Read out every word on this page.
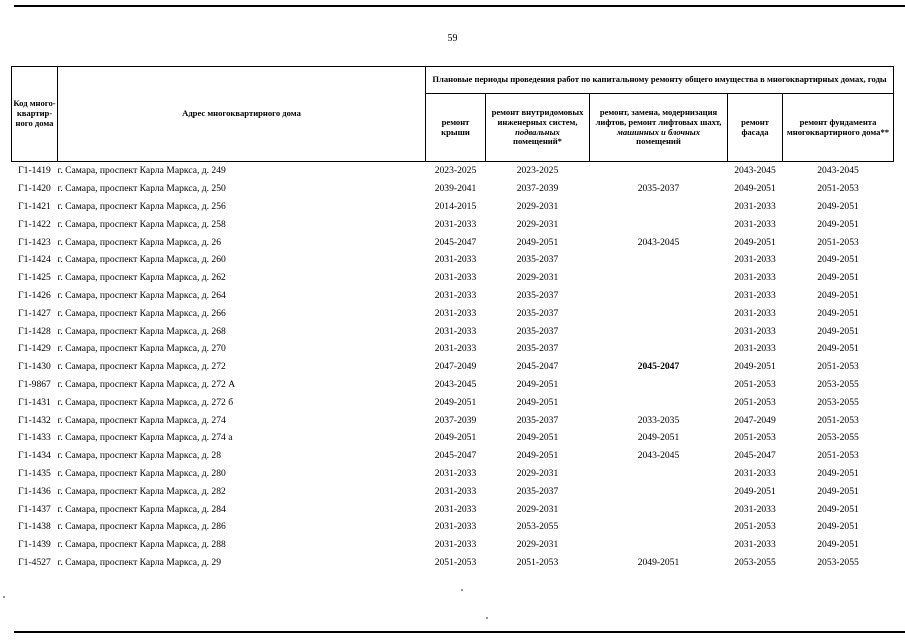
59
Код много-квартир-ного дома	Адрес многоквартирного дома	Плановые периоды проведения работ по капитальному ремонту общего имущества в многоквартирных домах, годы				
		ремонт крыши	ремонт внутридомовых инженерных систем,
подвальных
помещений*	ремонт, замена, модернизация лифтов, ремонт лифтовых шахт,
машинных и блочных
помещений	ремонт фасада	ремонт фундамента многоквартирного дома**
Г1-1419	г. Самара, проспект Карла Маркса, д. 249	2023-2025	2023-2025		2043-2045	2043-2045
Г1-1420	г. Самара, проспект Карла Маркса, д. 250	2039-2041	2037-2039	2035-2037	2049-2051	2051-2053
Г1-1421	г. Самара, проспект Карла Маркса, д. 256	2014-2015	2029-2031		2031-2033	2049-2051
Г1-1422	г. Самара, проспект Карла Маркса, д. 258	2031-2033	2029-2031		2031-2033	2049-2051
Г1-1423	г. Самара, проспект Карла Маркса, д. 26	2045-2047	2049-2051	2043-2045	2049-2051	2051-2053
Г1-1424	г. Самара, проспект Карла Маркса, д. 260	2031-2033	2035-2037		2031-2033	2049-2051
Г1-1425	г. Самара, проспект Карла Маркса, д. 262	2031-2033	2029-2031		2031-2033	2049-2051
Г1-1426	г. Самара, проспект Карла Маркса, д. 264	2031-2033	2035-2037		2031-2033	2049-2051
Г1-1427	г. Самара, проспект Карла Маркса, д. 266	2031-2033	2035-2037		2031-2033	2049-2051
Г1-1428	г. Самара, проспект Карла Маркса, д. 268	2031-2033	2035-2037		2031-2033	2049-2051
Г1-1429	г. Самара, проспект Карла Маркса, д. 270	2031-2033	2035-2037		2031-2033	2049-2051
Г1-1430	г. Самара, проспект Карла Маркса, д. 272	2047-2049	2045-2047	2045-2047	2049-2051	2051-2053
Г1-9867	г. Самара, проспект Карла Маркса, д. 272 А	2043-2045	2049-2051		2051-2053	2053-2055
Г1-1431	г. Самара, проспект Карла Маркса, д. 272 б	2049-2051	2049-2051		2051-2053	2053-2055
Г1-1432	г. Самара, проспект Карла Маркса, д. 274	2037-2039	2035-2037	2033-2035	2047-2049	2051-2053
Г1-1433	г. Самара, проспект Карла Маркса, д. 274 а	2049-2051	2049-2051	2049-2051	2051-2053	2053-2055
Г1-1434	г. Самара, проспект Карла Маркса, д. 28	2045-2047	2049-2051	2043-2045	2045-2047	2051-2053
Г1-1435	г. Самара, проспект Карла Маркса, д. 280	2031-2033	2029-2031		2031-2033	2049-2051
Г1-1436	г. Самара, проспект Карла Маркса, д. 282	2031-2033	2035-2037		2049-2051	2049-2051
Г1-1437	г. Самара, проспект Карла Маркса, д. 284	2031-2033	2029-2031		2031-2033	2049-2051
Г1-1438	г. Самара, проспект Карла Маркса, д. 286	2031-2033	2053-2055		2051-2053	2049-2051
Г1-1439	г. Самара, проспект Карла Маркса, д. 288	2031-2033	2029-2031		2031-2033	2049-2051
Г1-4527	г. Самара, проспект Карла Маркса, д. 29	2051-2053	2051-2053	2049-2051	2053-2055	2053-2055
